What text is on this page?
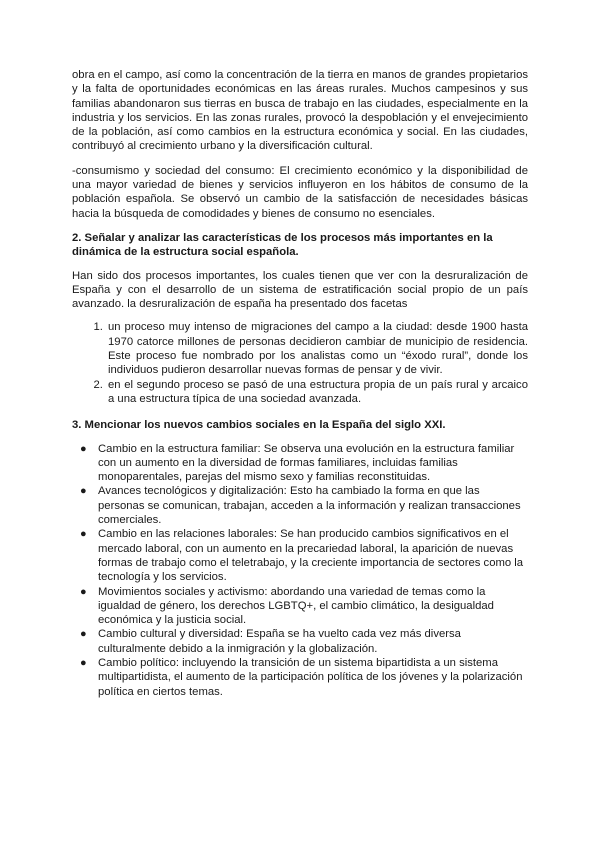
obra en el campo, así como la concentración de la tierra en manos de grandes propietarios y la falta de oportunidades económicas en las áreas rurales. Muchos campesinos y sus familias abandonaron sus tierras en busca de trabajo en las ciudades, especialmente en la industria y los servicios. En las zonas rurales, provocó la despoblación y el envejecimiento de la población, así como cambios en la estructura económica y social. En las ciudades, contribuyó al crecimiento urbano y la diversificación cultural.

-consumismo y sociedad del consumo: El crecimiento económico y la disponibilidad de una mayor variedad de bienes y servicios influyeron en los hábitos de consumo de la población española. Se observó un cambio de la satisfacción de necesidades básicas hacia la búsqueda de comodidades y bienes de consumo no esenciales.

2. Señalar y analizar las características de los procesos más importantes en la dinámica de la estructura social española.

Han sido dos procesos importantes, los cuales tienen que ver con la desruralización de España y con el desarrollo de un sistema de estratificación social propio de un país avanzado. la desruralización de españa ha presentado dos facetas

1. un proceso muy intenso de migraciones del campo a la ciudad: desde 1900 hasta 1970 catorce millones de personas decidieron cambiar de municipio de residencia. Este proceso fue nombrado por los analistas como un “éxodo rural”, donde los individuos pudieron desarrollar nuevas formas de pensar y de vivir.
2. en el segundo proceso se pasó de una estructura propia de un país rural y arcaico a una estructura típica de una sociedad avanzada.
3. Mencionar los nuevos cambios sociales en la España del siglo XXI.
● Cambio en la estructura familiar: Se observa una evolución en la estructura familiar con un aumento en la diversidad de formas familiares, incluidas familias monoparentales, parejas del mismo sexo y familias reconstituidas.
● Avances tecnológicos y digitalización: Esto ha cambiado la forma en que las personas se comunican, trabajan, acceden a la información y realizan transacciones comerciales.
● Cambio en las relaciones laborales: Se han producido cambios significativos en el mercado laboral, con un aumento en la precariedad laboral, la aparición de nuevas formas de trabajo como el teletrabajo, y la creciente importancia de sectores como la tecnología y los servicios.
● Movimientos sociales y activismo: abordando una variedad de temas como la igualdad de género, los derechos LGBTQ+, el cambio climático, la desigualdad económica y la justicia social.
● Cambio cultural y diversidad: España se ha vuelto cada vez más diversa culturalmente debido a la inmigración y la globalización.
● Cambio político: incluyendo la transición de un sistema bipartidista a un sistema multipartidista, el aumento de la participación política de los jóvenes y la polarización política en ciertos temas.
